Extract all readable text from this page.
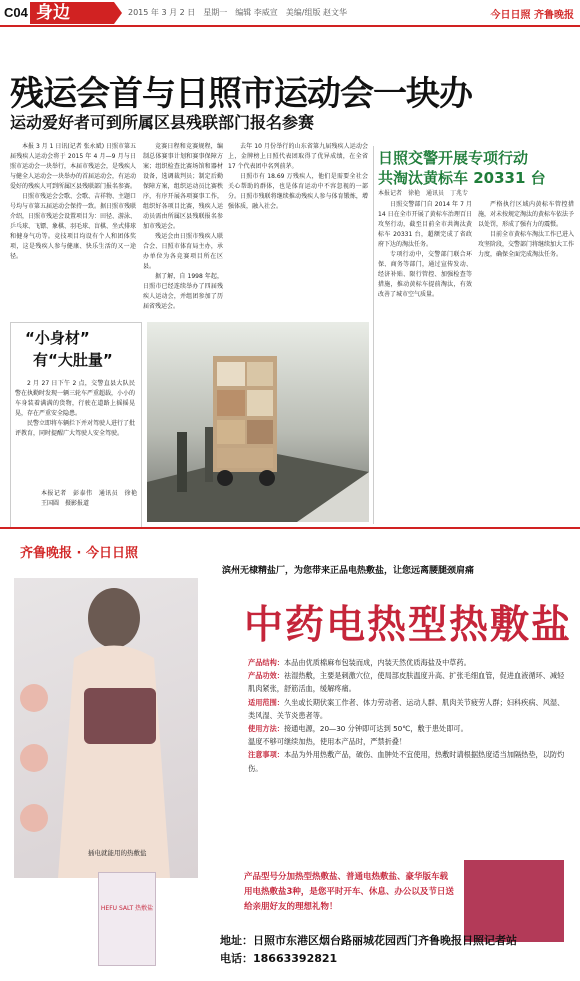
C04 身边	2015 年 3 月 2 日　星期一　编辑 李威宣　美编/组版 赵文华	今日日照 齐鲁晚报
残运会首与日照市运动会一块办
运动爱好者可到所属区县残联部门报名参赛

本报 3 月 1 日讯(记者 张永斌) 日照市第五届残疾人运动会将于 2015 年 4 月—9 月与日照市运动会一块举行，本届市残运会，是残疾人与健全人运动会一块举办的首届运动会，有运动爱好的残疾人可到所属区县残联部门报名参赛。

日照市残运会会歌、会歌、吉祥物、主题口号均与市第五届运动会保持一致。据日照市残联介绍，日照市残运会设置项目为：田径、游泳、乒乓球、飞镖、象棋、羽毛球、盲棋、坐式排球和健身气功等。竞技项目均设有个人和团体奖项，这是残疾人参与健康、快乐生活的又一途径。

竞赛日程和竞赛规程，编制总体赛事计划和赛事保障方案；组织检查比赛场馆和器材设备，选调裁判员；制定后勤保障方案，组织运动员比赛秩序，有序开展各项赛事工作，组织好各项目比赛，残疾人运动员需由所属区县残联报名参加市残运会。

残运会由日照市残疾人联合会、日照市体育局主办，承办单位为各竞赛项目所在区县。

据了解，自 1998 年起，日照市已经连续举办了四届残疾人运动会，并组团参加了历届省残运会。

去年 10 月份举行的山东省第九届残疾人运动会上，金牌榜上日照代表团取得了优异成绩，在全省 17 个代表团中名列前茅。

日照市有 18.69 万残疾人，他们是需要全社会关心帮助的群体，也是体育运动中不容忽视的一部分。日照市残联将继续推动残疾人参与体育锻炼，增强体质，融入社会。

日照交警开展专项行动
共淘汰黄标车 20331 台
本报记者　徐艳　通讯员　丁兆专

日照交警部门自 2014 年 7 月 14 日在全市开展了黄标车治理百日攻坚行动，截至目前全市共淘汰黄标车 20331 台，超额完成了省政府下达的淘汰任务。

专项行动中，交警部门联合环保、商务等部门，通过宣传发动、经济补贴、限行管控、加强检查等措施，推动黄标车提前淘汰，有效改善了城市空气质量。

严格执行区域内黄标车管控措施，对未按规定淘汰的黄标车依法予以处罚，形成了强有力的震慑。

目前全市黄标车淘汰工作已进入攻坚阶段，交警部门将继续加大工作力度，确保全面完成淘汰任务。

“小身材”
有“大肚量”

2 月 27 日下午 2 点，交警直县大队民警在执勤时发现一辆三轮车严重超载，小小的车身装着满满的货物，行驶在道路上摇摇晃晃，存在严重安全隐患。

民警立即将车辆拦下并对驾驶人进行了批评教育，同时提醒广大驾驶人安全驾驶。

本报记者　彭泰伟　通讯员　徐艳　王国圆　摄影报道

齐鲁晚报 · 今日日照
滨州无棣精盐厂，为您带来正品电热敷盐，让您远离腰腿颈肩痛
中药电热型热敷盐
产品结构：本品由优质棉麻布包装而成，内装天然优质海盐及中草药。
产品功效：祛湿热敷，主要是刺激穴位，使局部皮肤温度升高、扩张毛细血管，促进血液循环、减轻肌肉紧张，舒筋活血，缓解疼痛。
适用范围：久坐或长期伏案工作者、体力劳动者、运动人群、肌肉关节疲劳人群；妇科疾病、风湿、类风湿、关节炎患者等。
使用方法：接通电源，20—30 分钟即可达到 50℃，敷于患处即可。
温度不够可继续加热，使用本产品时，严禁折叠！
注意事项：本品为外用热敷产品，破伤、血肿处不宜使用，热敷时请根据热度适当加隔热垫，以防灼伤。
插电就能用的热敷盐
HEFU SALT 热敷盐
产品型号分加热型热敷盐、普通电热敷盐、豪华版车载用电热敷盐3种，是您平时开车、休息、办公以及节日送给亲朋好友的理想礼物！
地址：日照市东港区烟台路丽城花园西门齐鲁晚报日照记者站
电话：18663392821
